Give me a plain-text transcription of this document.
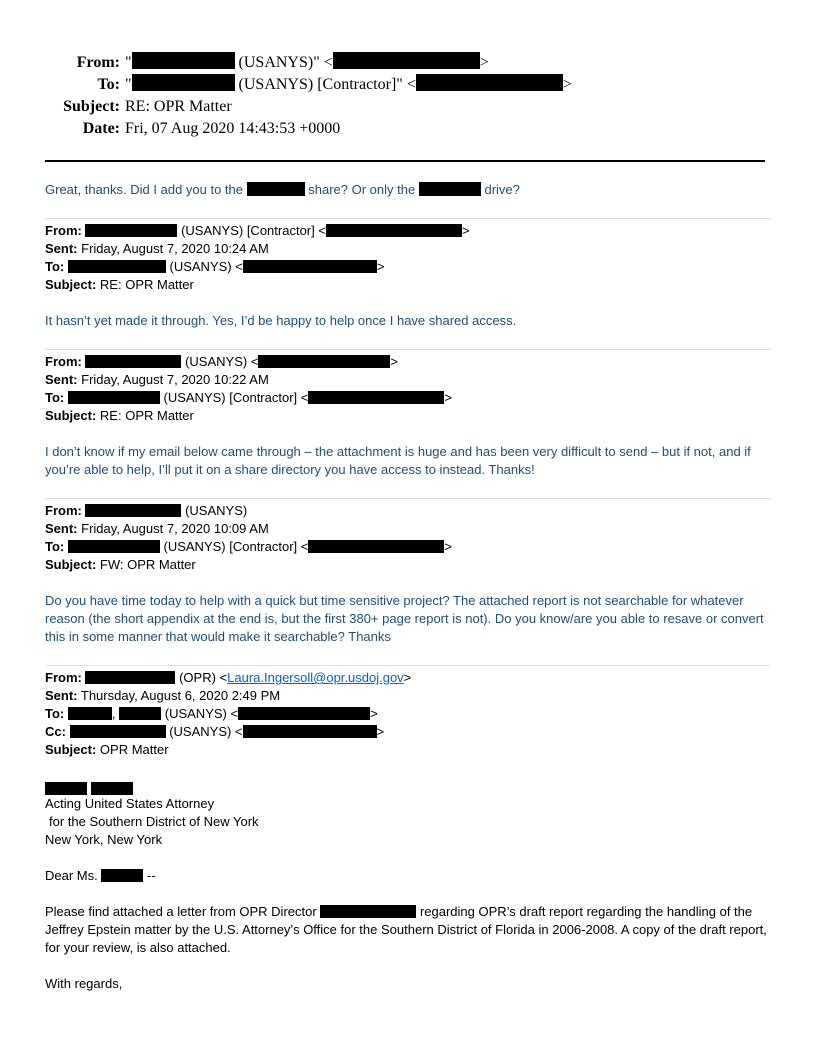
From: "	(USANYS)" <	>
To: "	(USANYS) [Contractor]" <	>
Subject: RE: OPR Matter
Date: Fri, 07 Aug 2020 14:43:53 +0000
Great, thanks. Did I add you to the	share? Or only the	drive?
From:	(USANYS) [Contractor] <	>
Sent: Friday, August 7, 2020 10:24 AM
To:	(USANYS) <	>
Subject: RE: OPR Matter
It hasn’t yet made it through. Yes, I’d be happy to help once I have shared access.
From:	(USANYS) <	>
Sent: Friday, August 7, 2020 10:22 AM
To:	(USANYS) [Contractor] <	>
Subject: RE: OPR Matter
I don’t know if my email below came through – the attachment is huge and has been very difficult to send – but if not, and if you’re able to help, I’ll put it on a share directory you have access to instead. Thanks!
From:	(USANYS)
Sent: Friday, August 7, 2020 10:09 AM
To:	(USANYS) [Contractor] <	>
Subject: FW: OPR Matter
Do you have time today to help with a quick but time sensitive project? The attached report is not searchable for whatever reason (the short appendix at the end is, but the first 380+ page report is not). Do you know/are you able to resave or convert this in some manner that would make it searchable? Thanks
From:	(OPR) <Laura.Ingersoll@opr.usdoj.gov>
Sent: Thursday, August 6, 2020 2:49 PM
To:	,	(USANYS) <	>
Cc:	(USANYS) <	>
Subject: OPR Matter

Acting United States Attorney
for the Southern District of New York
New York, New York
Dear Ms.	--
Please find attached a letter from OPR Director	regarding OPR’s draft report regarding the handling of the Jeffrey Epstein matter by the U.S. Attorney’s Office for the Southern District of Florida in 2006-2008. A copy of the draft report, for your review, is also attached.
With regards,
